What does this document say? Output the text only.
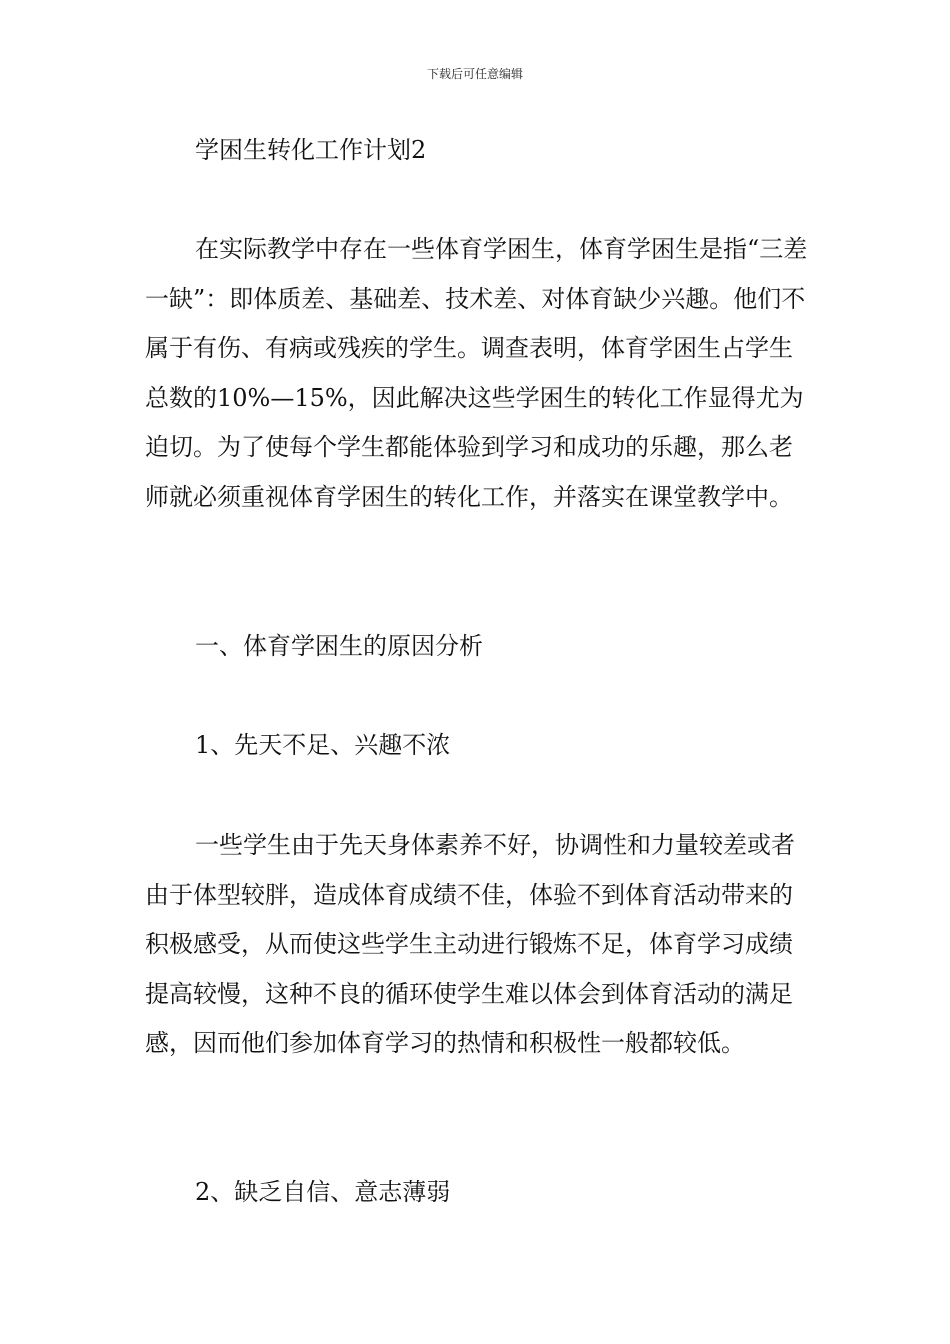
下载后可任意编辑

学困生转化工作计划2

在实际教学中存在一些体育学困生，体育学困生是指“三差一缺”：即体质差、基础差、技术差、对体育缺少兴趣。他们不属于有伤、有病或残疾的学生。调查表明，体育学困生占学生总数的10%—15%，因此解决这些学困生的转化工作显得尤为迫切。为了使每个学生都能体验到学习和成功的乐趣，那么老师就必须重视体育学困生的转化工作，并落实在课堂教学中。

一、体育学困生的原因分析

1、先天不足、兴趣不浓

一些学生由于先天身体素养不好，协调性和力量较差或者由于体型较胖，造成体育成绩不佳，体验不到体育活动带来的积极感受，从而使这些学生主动进行锻炼不足，体育学习成绩提高较慢，这种不良的循环使学生难以体会到体育活动的满足感，因而他们参加体育学习的热情和积极性一般都较低。

2、缺乏自信、意志薄弱
